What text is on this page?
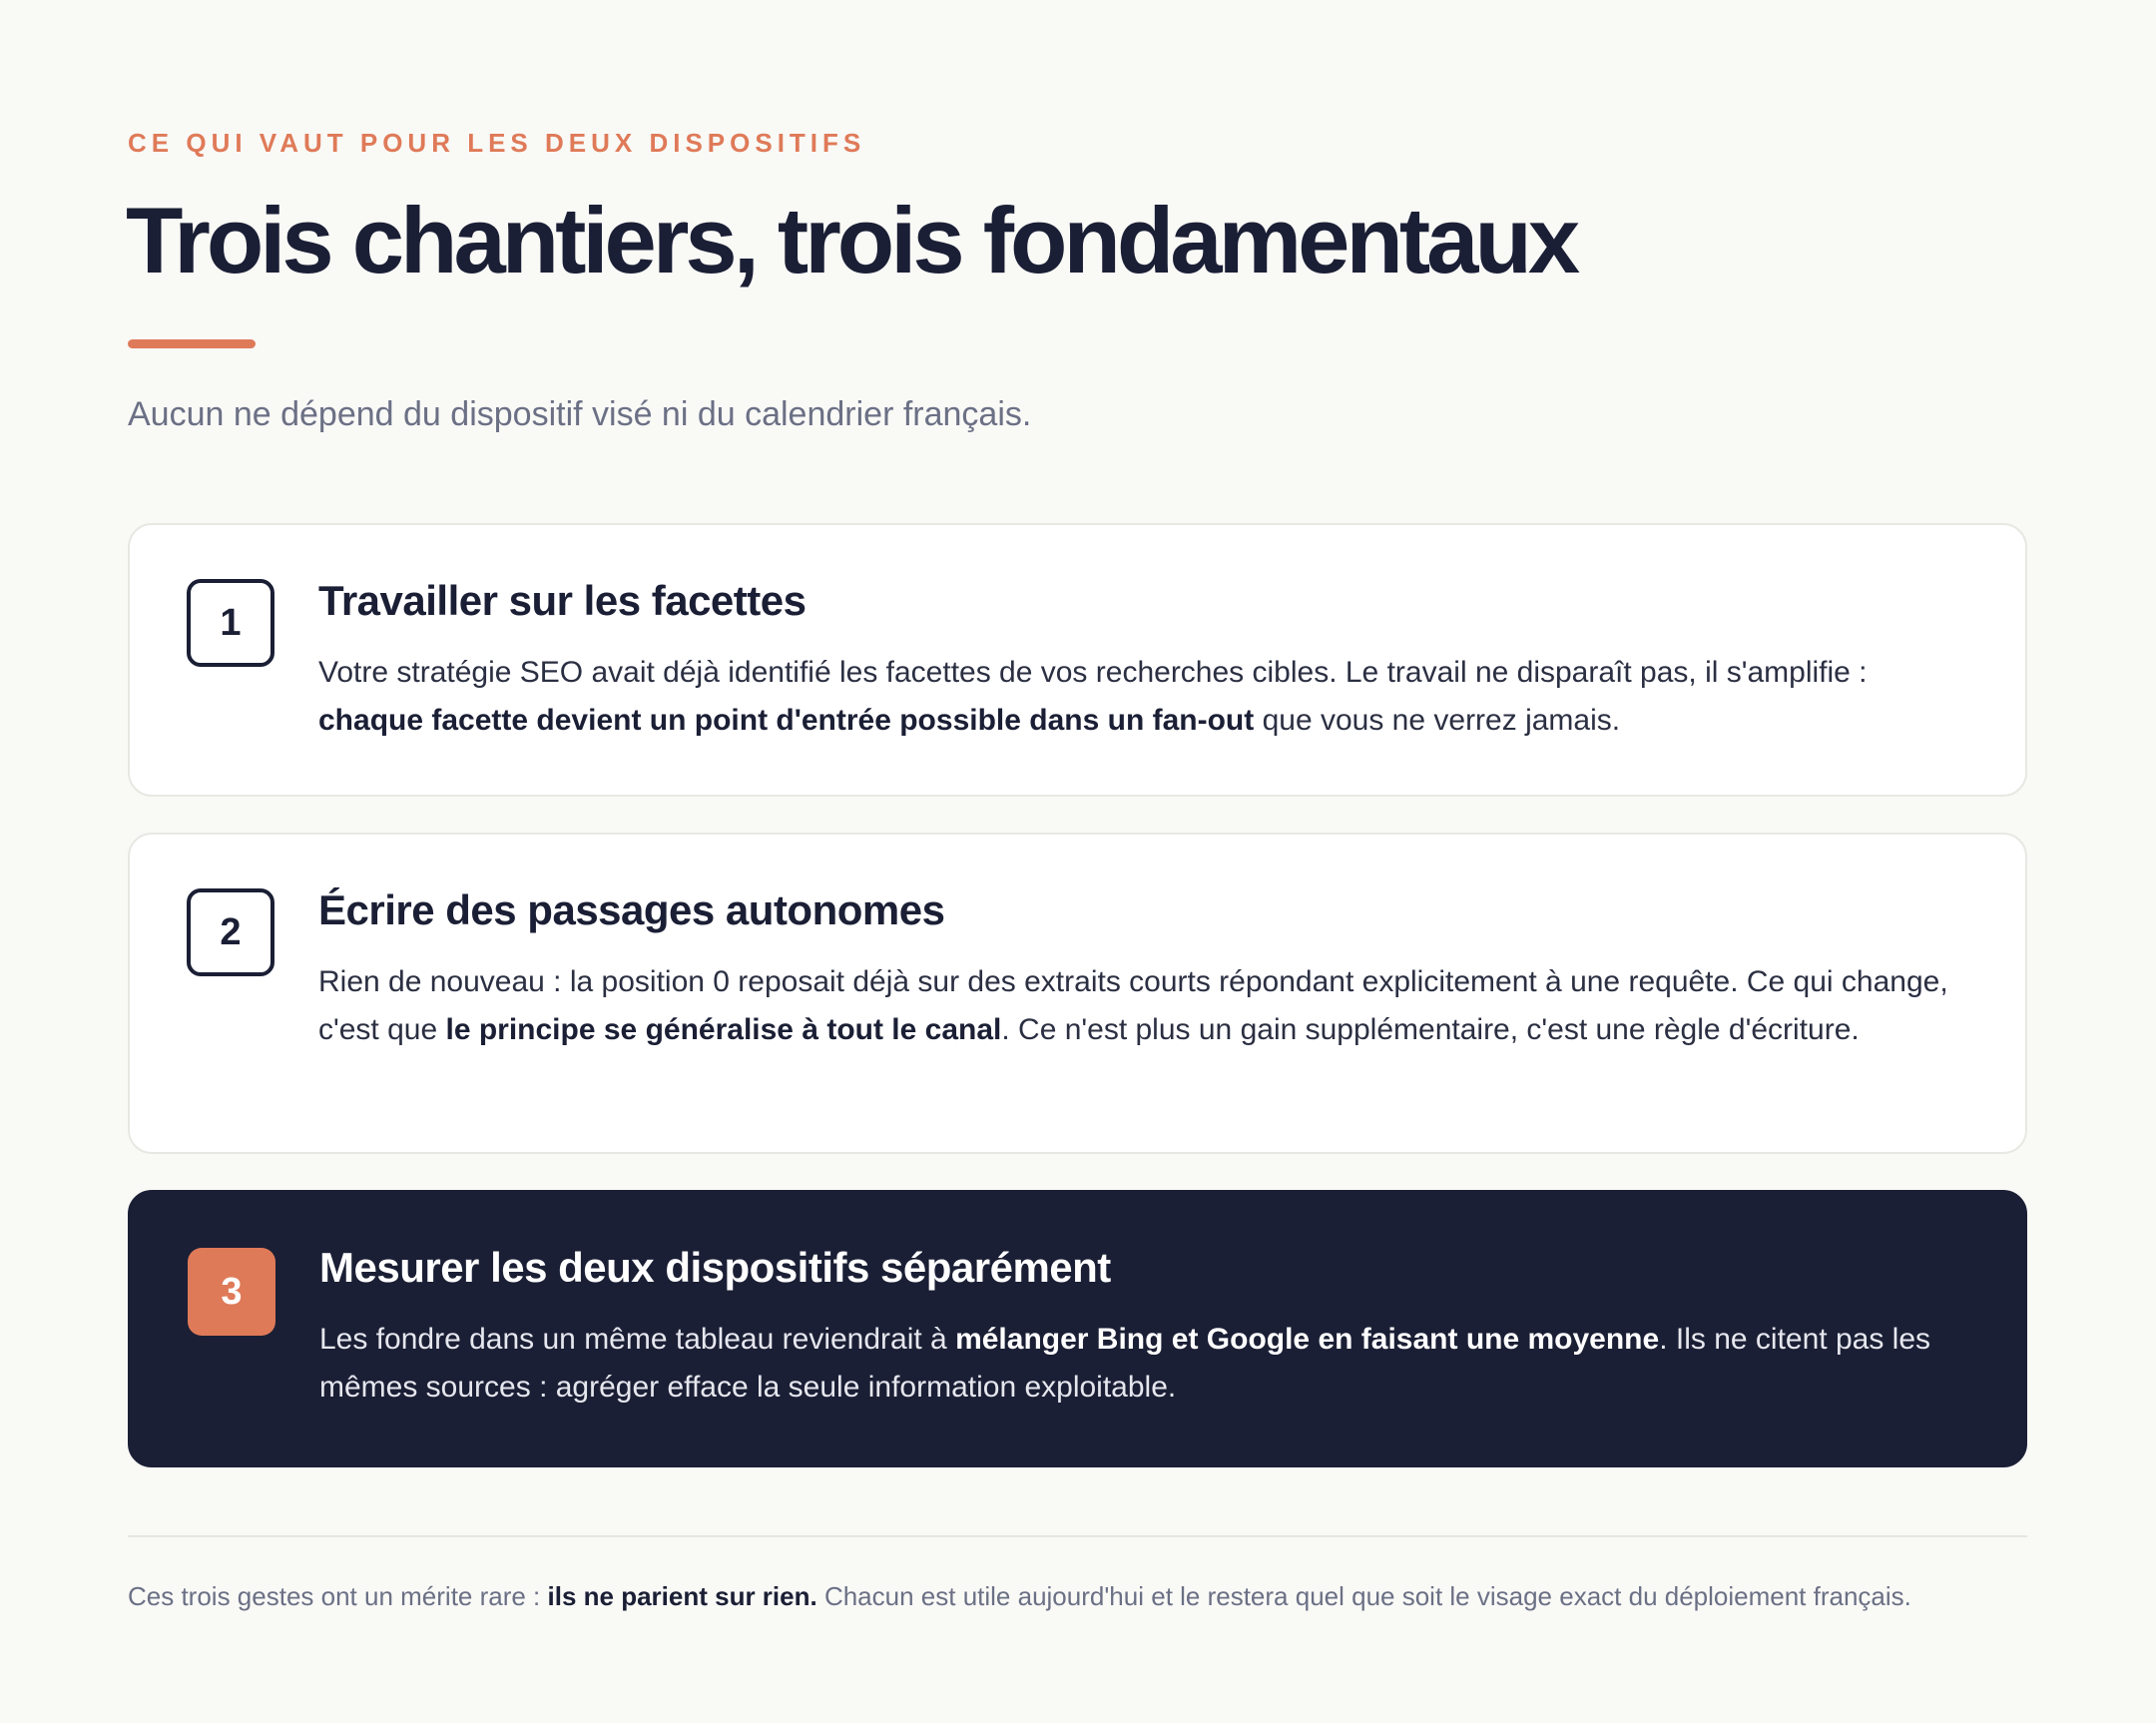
CE QUI VAUT POUR LES DEUX DISPOSITIFS
Trois chantiers, trois fondamentaux
Aucun ne dépend du dispositif visé ni du calendrier français.
1	Travailler sur les facettes

Votre stratégie SEO avait déjà identifié les facettes de vos recherches cibles. Le travail ne disparaît pas, il s'amplifie : chaque facette devient un point d'entrée possible dans un fan-out que vous ne verrez jamais.

2	Écrire des passages autonomes

Rien de nouveau : la position 0 reposait déjà sur des extraits courts répondant explicitement à une requête. Ce qui change, c'est que le principe se généralise à tout le canal. Ce n'est plus un gain supplémentaire, c'est une règle d'écriture.

3
Mesurer les deux dispositifs séparément

Les fondre dans un même tableau reviendrait à mélanger Bing et Google en faisant une moyenne. Ils ne citent pas les mêmes sources : agréger efface la seule information exploitable.

Ces trois gestes ont un mérite rare : ils ne parient sur rien. Chacun est utile aujourd'hui et le restera quel que soit le visage exact du déploiement français.
